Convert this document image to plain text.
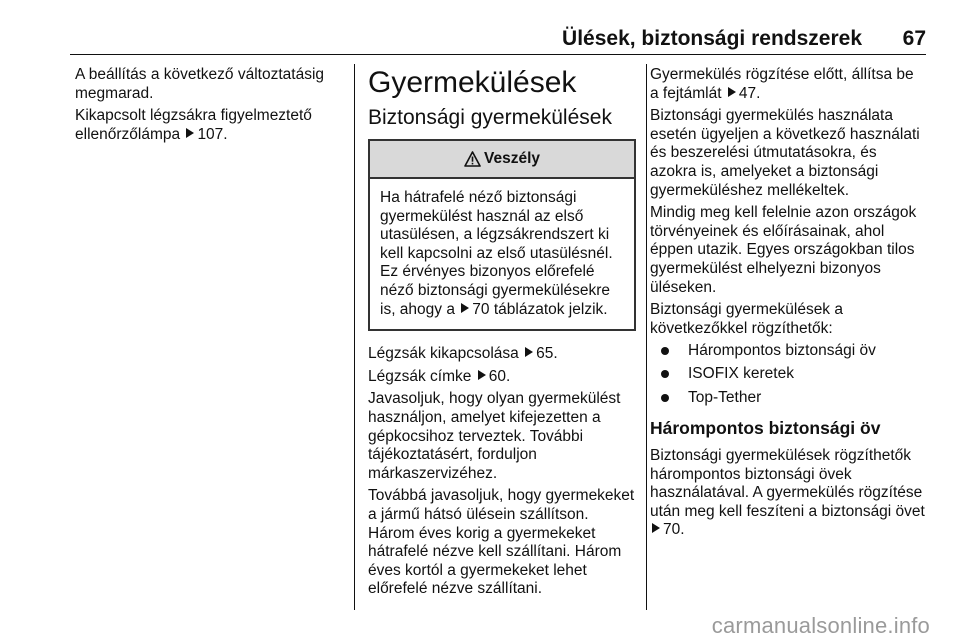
Ülések, biztonsági rendszerek 67

A beállítás a következő változtatásig megmarad.

Kikapcsolt légzsákra figyelmeztető ellenőrzőlámpa 107.

Gyermekülések
Biztonsági gyermekülések
Veszély
Ha hátrafelé néző biztonsági gyermekülést használ az első utasülésen, a légzsákrendszert ki kell kapcsolni az első utasülésnél. Ez érvényes bizonyos előrefelé néző biztonsági gyermekülésekre is, ahogy a 70 táblázatok jelzik.

Légzsák kikapcsolása 65.

Légzsák címke 60.

Javasoljuk, hogy olyan gyermekülést használjon, amelyet kifejezetten a gépkocsihoz terveztek. További tájékoztatásért, forduljon márkaszervizéhez.

Továbbá javasoljuk, hogy gyermekeket a jármű hátsó ülésein szállítson. Három éves korig a gyermekeket hátrafelé nézve kell szállítani. Három éves kortól a gyermekeket lehet előrefelé nézve szállítani.

Gyermekülés rögzítése előtt, állítsa be a fejtámlát 47.

Biztonsági gyermekülés használata esetén ügyeljen a következő használati és beszerelési útmutatásokra, és azokra is, amelyeket a biztonsági gyermeküléshez mellékeltek.

Mindig meg kell felelnie azon országok törvényeinek és előírásainak, ahol éppen utazik. Egyes országokban tilos gyermekülést elhelyezni bizonyos üléseken.

Biztonsági gyermekülések a következőkkel rögzíthetők:

Hárompontos biztonsági öv
ISOFIX keretek
Top-Tether
Hárompontos biztonsági öv

Biztonsági gyermekülések rögzíthetők hárompontos biztonsági övek használatával. A gyermekülés rögzítése után meg kell feszíteni a biztonsági övet 70.

carmanualsonline.info
